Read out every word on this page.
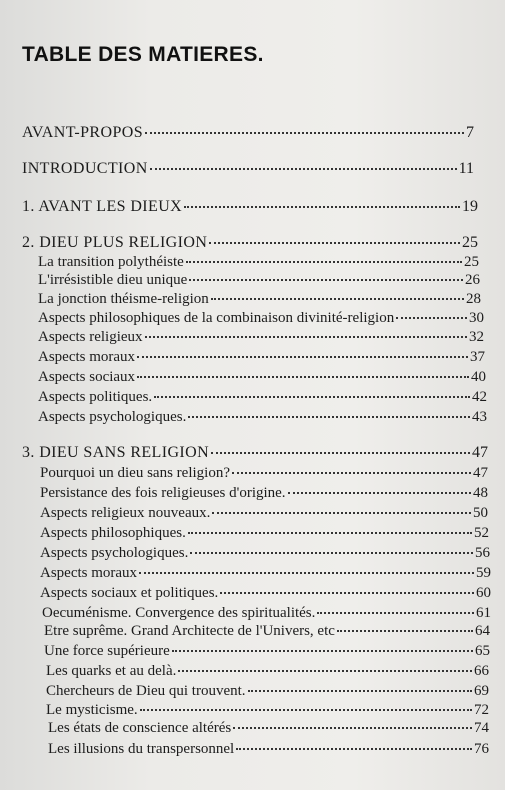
TABLE DES MATIERES.
AVANT-PROPOS	7
INTRODUCTION	11
1. AVANT LES DIEUX	19
2. DIEU PLUS RELIGION	25
La transition polythéiste	25
L'irrésistible dieu unique	26
La jonction théisme-religion	28
Aspects philosophiques de la combinaison divinité-religion	30
Aspects religieux	32
Aspects moraux	37
Aspects sociaux	40
Aspects politiques.	42
Aspects psychologiques.	43
3. DIEU SANS RELIGION	47
Pourquoi un dieu sans religion?	47
Persistance des fois religieuses d'origine.	48
Aspects religieux nouveaux.	50
Aspects philosophiques.	52
Aspects psychologiques.	56
Aspects moraux	59
Aspects sociaux et politiques.	60
Oecuménisme. Convergence des spiritualités.	61
Etre suprême. Grand Architecte de l'Univers, etc	64
Une force supérieure	65
Les quarks et au delà.	66
Chercheurs de Dieu qui trouvent.	69
Le mysticisme.	72
Les états de conscience altérés	74
Les illusions du transpersonnel	76
